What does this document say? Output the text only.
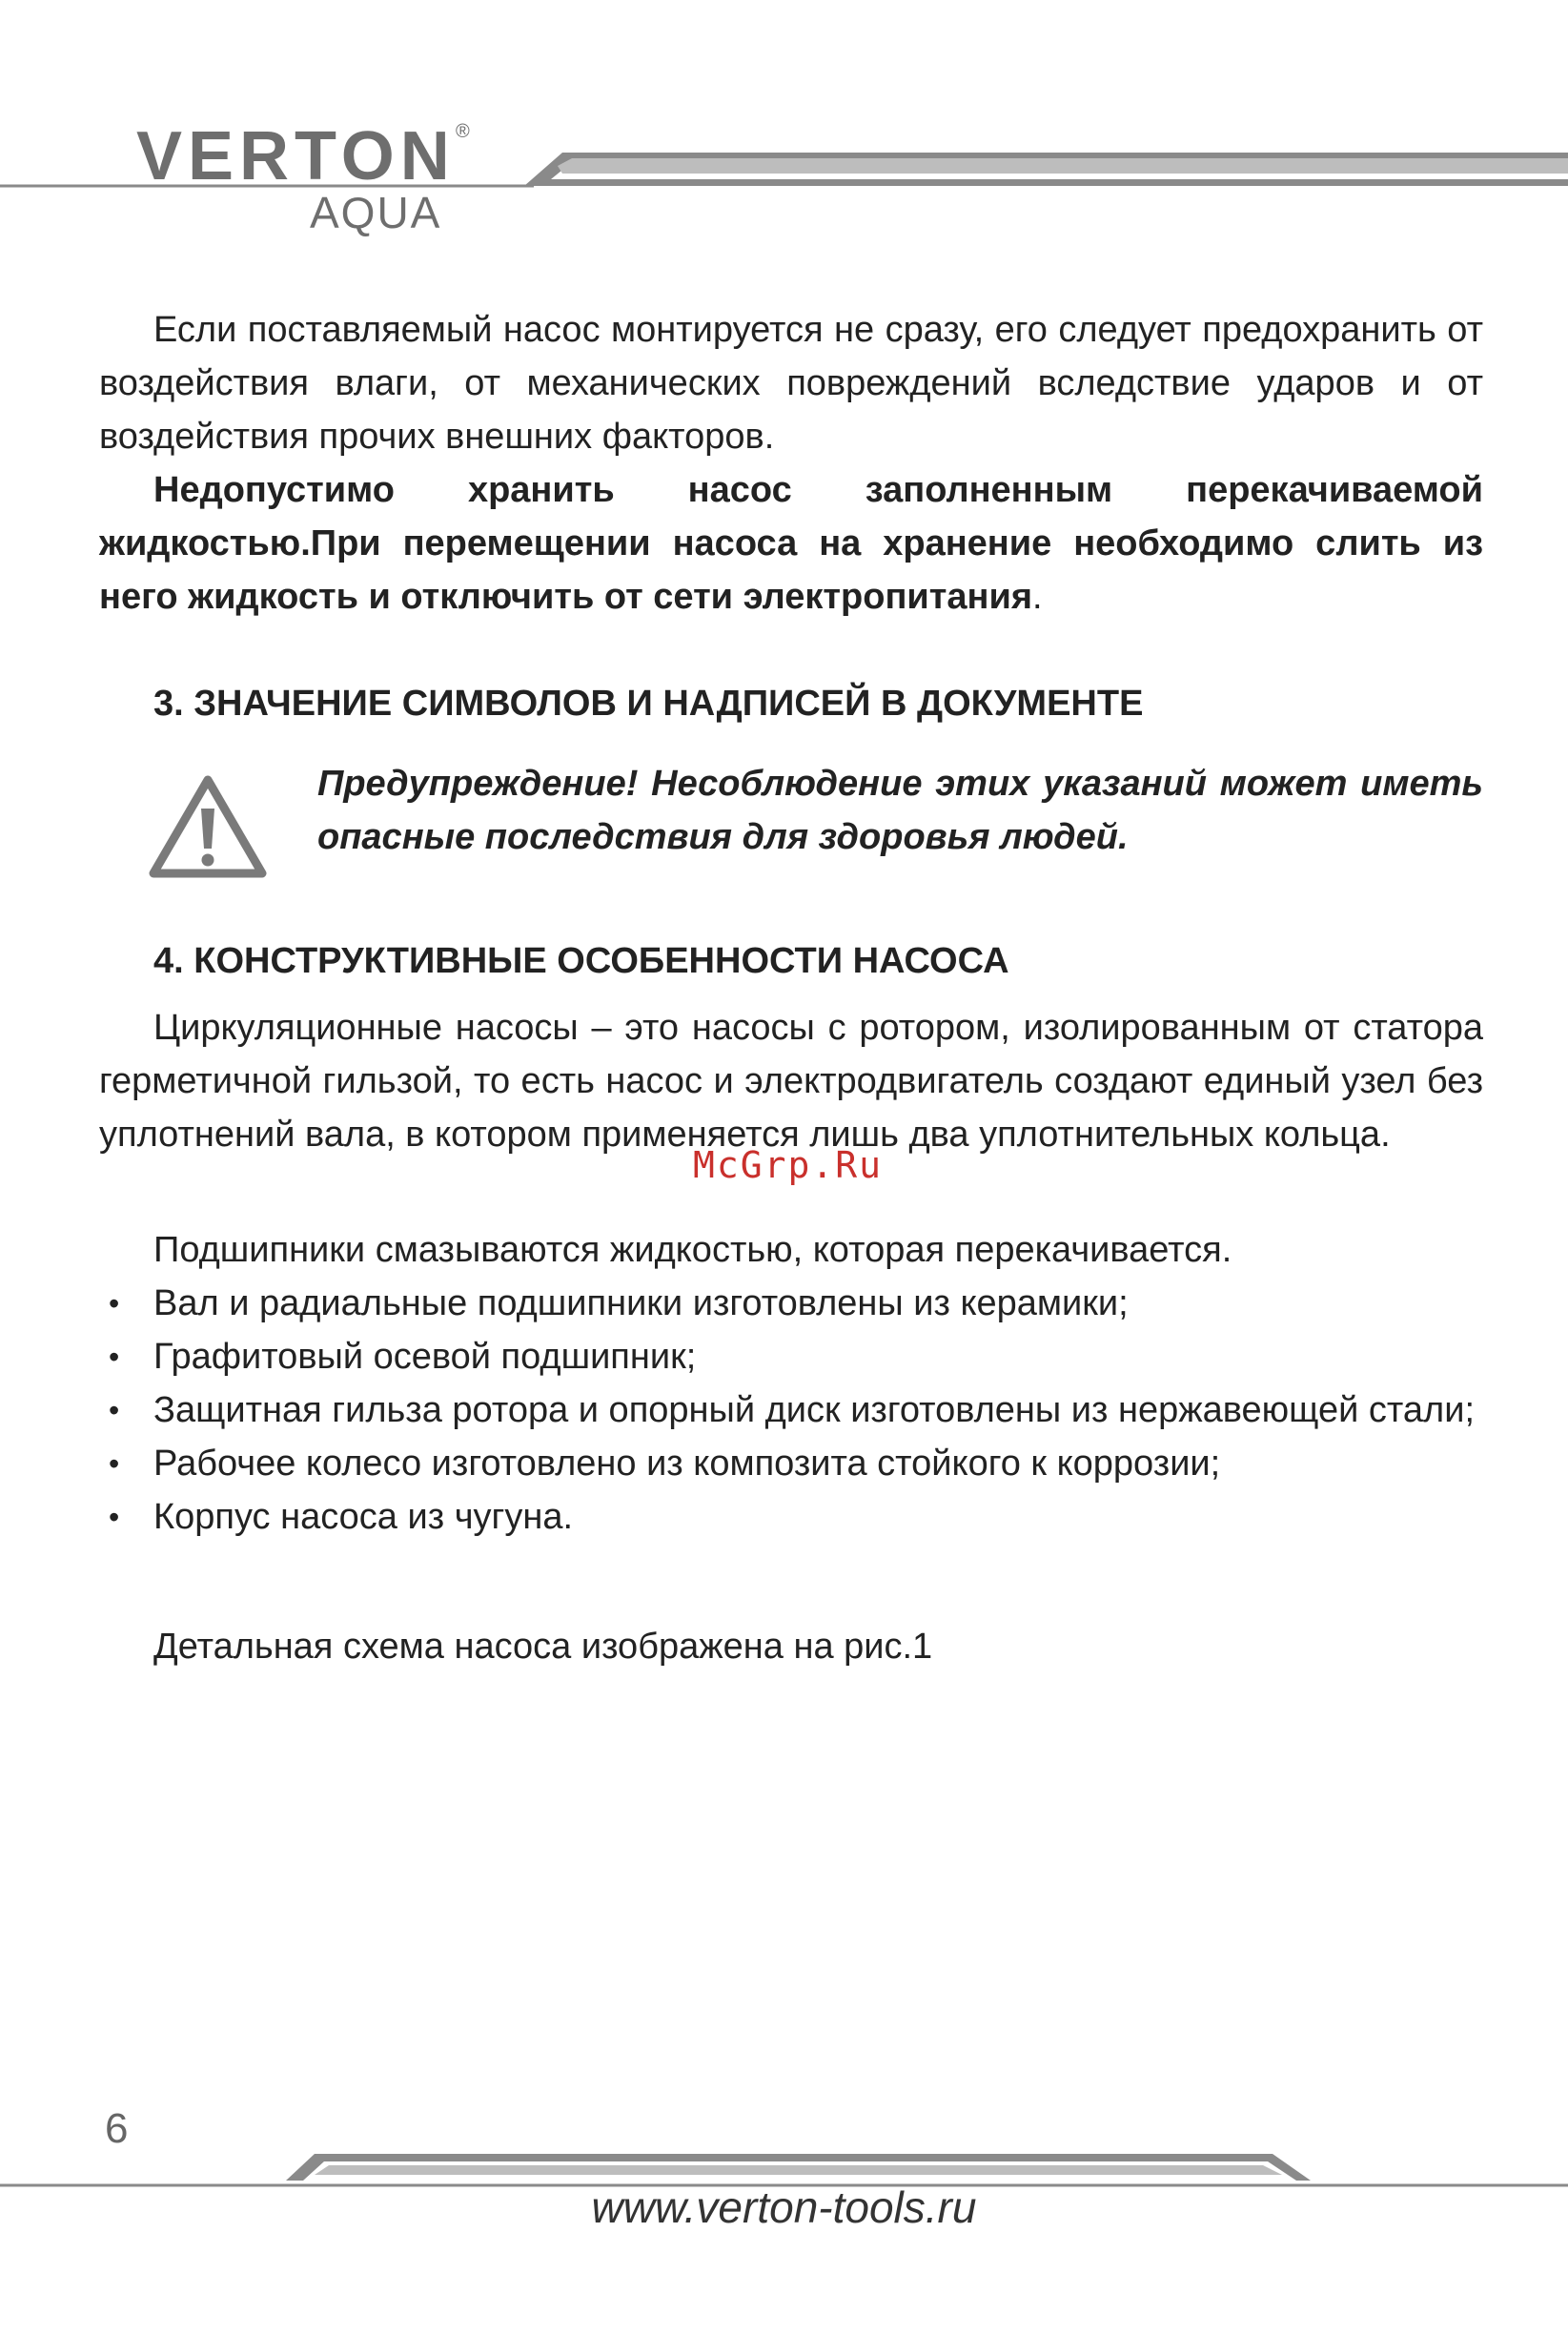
VERTON ®
AQUA

Если поставляемый насос монтируется не сразу, его следует предохранить от воздействия влаги, от механических повреждений вследствие ударов и от воздействия прочих внешних факторов.

Недопустимо хранить насос заполненным перекачиваемой жидкостью.При перемещении насоса на хранение необходимо слить из него жидкость и отключить от сети электропитания.

3. ЗНАЧЕНИЕ СИМВОЛОВ И НАДПИСЕЙ В ДОКУМЕНТЕ

Предупреждение! Несоблюдение этих указаний может иметь опасные последствия для здоровья людей.

4. КОНСТРУКТИВНЫЕ ОСОБЕННОСТИ НАСОСА

Циркуляционные насосы – это насосы с ротором, изолированным от статора герметичной гильзой, то есть насос и электродвигатель создают единый узел без уплотнений вала, в котором применяется лишь два уплотнительных кольца.

Подшипники смазываются жидкостью, которая перекачивается.

• Вал и радиальные подшипники изготовлены из керамики;
• Графитовый осевой подшипник;
• Защитная гильза ротора и опорный диск изготовлены из нержавеющей стали;
• Рабочее колесо изготовлено из композита стойкого к коррозии;
• Корпус насоса из чугуна.

Детальная схема насоса изображена на рис.1

McGrp.Ru
6
www.verton-tools.ru
